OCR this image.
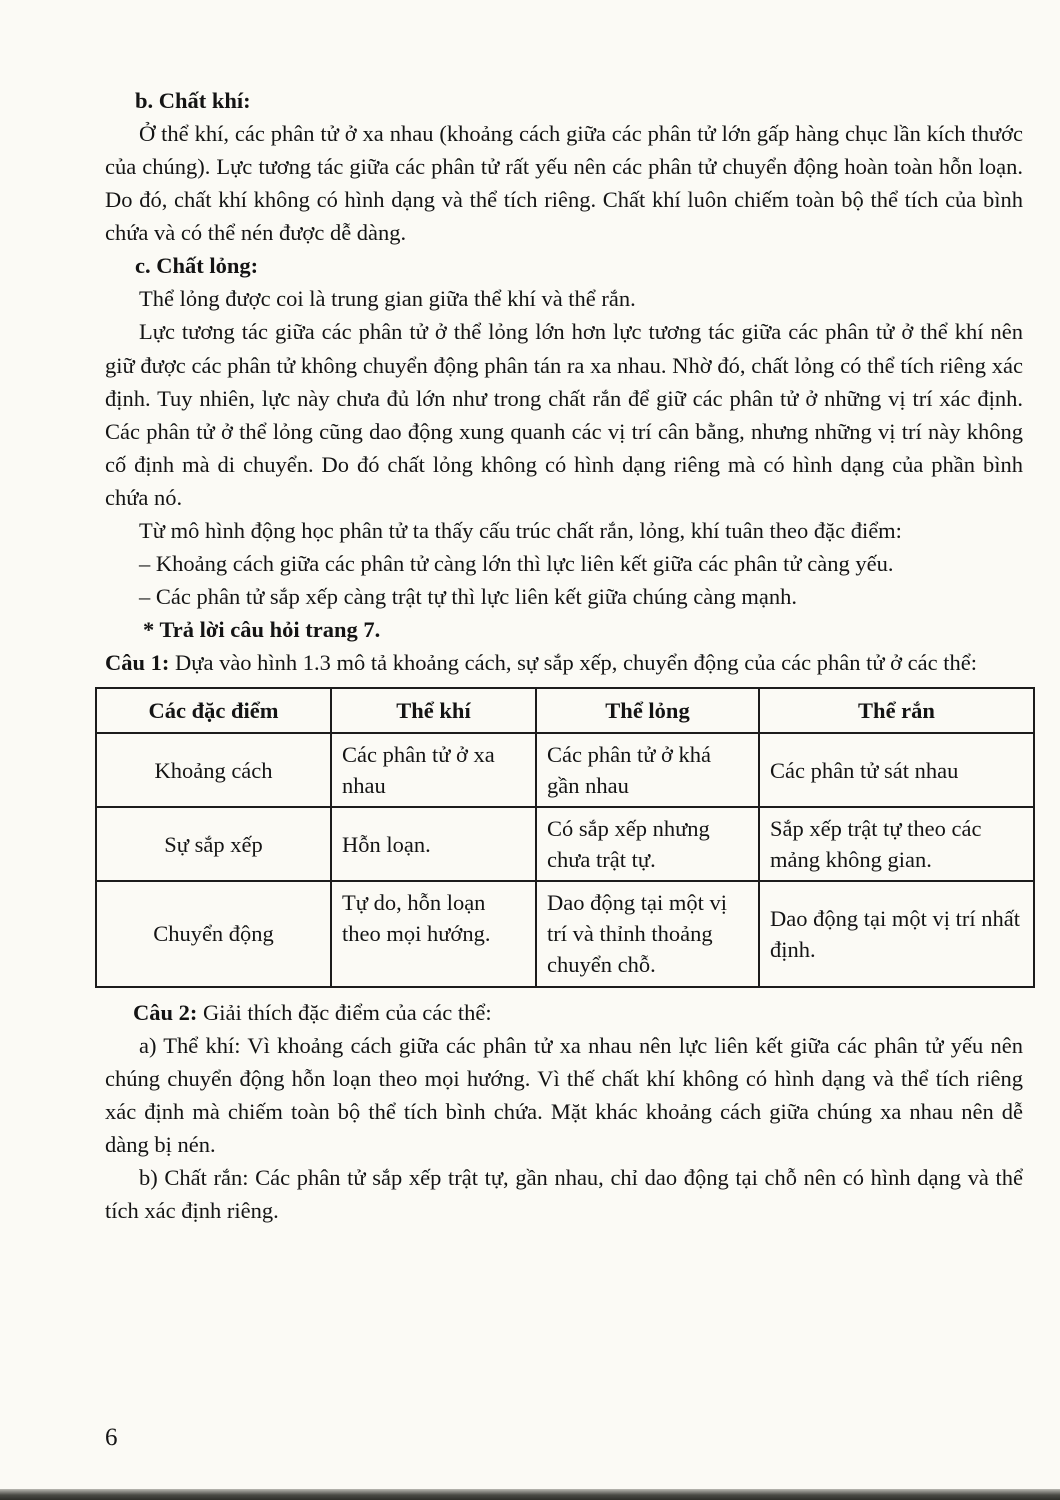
b. Chất khí:

Ở thể khí, các phân tử ở xa nhau (khoảng cách giữa các phân tử lớn gấp hàng chục lần kích thước của chúng). Lực tương tác giữa các phân tử rất yếu nên các phân tử chuyển động hoàn toàn hỗn loạn. Do đó, chất khí không có hình dạng và thể tích riêng. Chất khí luôn chiếm toàn bộ thể tích của bình chứa và có thể nén được dễ dàng.

c. Chất lỏng:

Thể lỏng được coi là trung gian giữa thể khí và thể rắn.

Lực tương tác giữa các phân tử ở thể lỏng lớn hơn lực tương tác giữa các phân tử ở thể khí nên giữ được các phân tử không chuyển động phân tán ra xa nhau. Nhờ đó, chất lỏng có thể tích riêng xác định. Tuy nhiên, lực này chưa đủ lớn như trong chất rắn để giữ các phân tử ở những vị trí xác định. Các phân tử ở thể lỏng cũng dao động xung quanh các vị trí cân bằng, nhưng những vị trí này không cố định mà di chuyển. Do đó chất lỏng không có hình dạng riêng mà có hình dạng của phần bình chứa nó.

Từ mô hình động học phân tử ta thấy cấu trúc chất rắn, lỏng, khí tuân theo đặc điểm:

– Khoảng cách giữa các phân tử càng lớn thì lực liên kết giữa các phân tử càng yếu.

– Các phân tử sắp xếp càng trật tự thì lực liên kết giữa chúng càng mạnh.

* Trả lời câu hỏi trang 7.

Câu 1: Dựa vào hình 1.3 mô tả khoảng cách, sự sắp xếp, chuyển động của các phân tử ở các thể:

Các đặc điểm	Thể khí	Thể lỏng	Thể rắn
Khoảng cách	Các phân tử ở xa nhau	Các phân tử ở khá gần nhau	Các phân tử sát nhau
Sự sắp xếp	Hỗn loạn.	Có sắp xếp nhưng chưa trật tự.	Sắp xếp trật tự theo các mảng không gian.
Chuyển động	Tự do, hỗn loạn theo mọi hướng.	Dao động tại một vị trí và thỉnh thoảng chuyển chỗ.	Dao động tại một vị trí nhất định.

Câu 2: Giải thích đặc điểm của các thể:

a) Thể khí: Vì khoảng cách giữa các phân tử xa nhau nên lực liên kết giữa các phân tử yếu nên chúng chuyển động hỗn loạn theo mọi hướng. Vì thế chất khí không có hình dạng và thể tích riêng xác định mà chiếm toàn bộ thể tích bình chứa. Mặt khác khoảng cách giữa chúng xa nhau nên dễ dàng bị nén.

b) Chất rắn: Các phân tử sắp xếp trật tự, gần nhau, chỉ dao động tại chỗ nên có hình dạng và thể tích xác định riêng.

6
